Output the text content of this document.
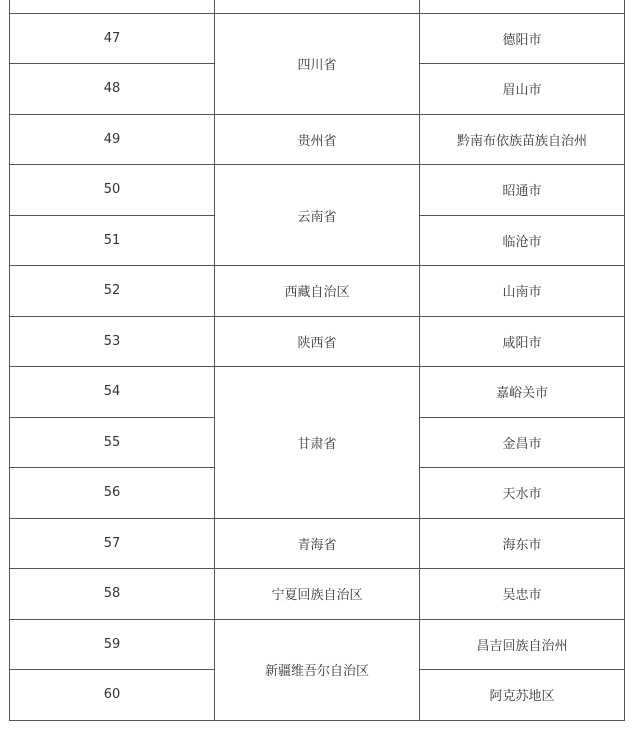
47	四川省	德阳市
48		眉山市
49	贵州省	黔南布依族苗族自治州
50	云南省	昭通市
51		临沧市
52	西藏自治区	山南市
53	陕西省	咸阳市
54	甘肃省	嘉峪关市
55		金昌市
56		天水市
57	青海省	海东市
58	宁夏回族自治区	吴忠市
59	新疆维吾尔自治区	昌吉回族自治州
60		阿克苏地区
